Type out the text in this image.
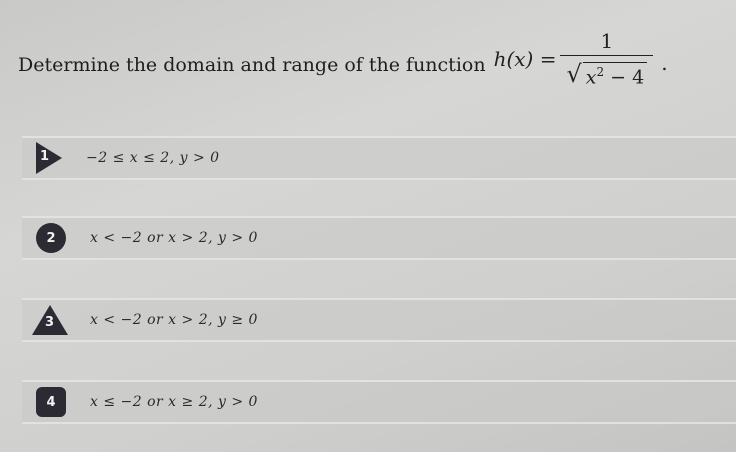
Determine the domain and range of the function $h(x) = \frac{1}{√ x^2 - 4}$ .
1	−2 ≤ x ≤ 2, y > 0
2 x < −2 or x > 2, y > 0
3	x < −2 or x > 2, y ≥ 0
4 x ≤ −2 or x ≥ 2, y > 0
